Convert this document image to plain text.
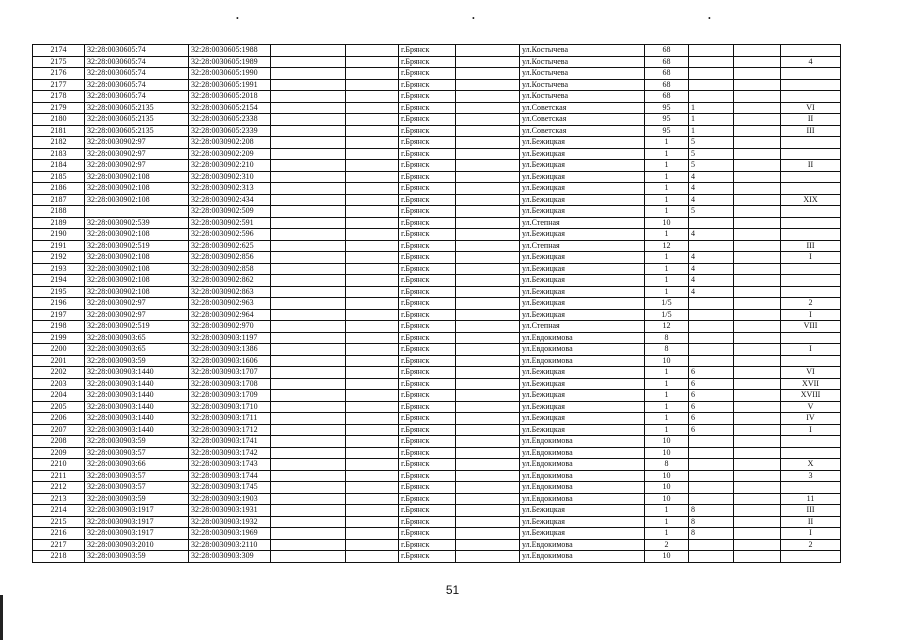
•	•	•
2174	32:28:0030605:74	32:28:0030605:1988			г.Брянск		ул.Костычева	68			
2175	32:28:0030605:74	32:28:0030605:1989			г.Брянск		ул.Костычева	68			4
2176	32:28:0030605:74	32:28:0030605:1990			г.Брянск		ул.Костычева	68			
2177	32:28:0030605:74	32:28:0030605:1991			г.Брянск		ул.Костычева	68			
2178	32:28:0030605:74	32:28:0030605:2018			г.Брянск		ул.Костычева	68			
2179	32:28:0030605:2135	32:28:0030605:2154			г.Брянск		ул.Советская	95	1		VI
2180	32:28:0030605:2135	32:28:0030605:2338			г.Брянск		ул.Советская	95	1		II
2181	32:28:0030605:2135	32:28:0030605:2339			г.Брянск		ул.Советская	95	1		III
2182	32:28:0030902:97	32:28:0030902:208			г.Брянск		ул.Бежицкая	1	5		
2183	32:28:0030902:97	32:28:0030902:209			г.Брянск		ул.Бежицкая	1	5		
2184	32:28:0030902:97	32:28:0030902:210			г.Брянск		ул.Бежицкая	1	5		II
2185	32:28:0030902:108	32:28:0030902:310			г.Брянск		ул.Бежицкая	1	4		
2186	32:28:0030902:108	32:28:0030902:313			г.Брянск		ул.Бежицкая	1	4		
2187	32:28:0030902:108	32:28:0030902:434			г.Брянск		ул.Бежицкая	1	4		XIX
2188		32:28:0030902:509			г.Брянск		ул.Бежицкая	1	5		
2189	32:28:0030902:539	32:28:0030902:591			г.Брянск		ул.Степная	10			
2190	32:28:0030902:108	32:28:0030902:596			г.Брянск		ул.Бежицкая	1	4		
2191	32:28:0030902:519	32:28:0030902:625			г.Брянск		ул.Степная	12			III
2192	32:28:0030902:108	32:28:0030902:856			г.Брянск		ул.Бежицкая	1	4		I
2193	32:28:0030902:108	32:28:0030902:858			г.Брянск		ул.Бежицкая	1	4		
2194	32:28:0030902:108	32:28:0030902:862			г.Брянск		ул.Бежицкая	1	4		
2195	32:28:0030902:108	32:28:0030902:863			г.Брянск		ул.Бежицкая	1	4		
2196	32:28:0030902:97	32:28:0030902:963			г.Брянск		ул.Бежицкая	1/5			2
2197	32:28:0030902:97	32:28:0030902:964			г.Брянск		ул.Бежицкая	1/5			I
2198	32:28:0030902:519	32:28:0030902:970			г.Брянск		ул.Степная	12			VIII
2199	32:28:0030903:65	32:28:0030903:1197			г.Брянск		ул.Евдокимова	8			
2200	32:28:0030903:65	32:28:0030903:1386			г.Брянск		ул.Евдокимова	8			I
2201	32:28:0030903:59	32:28:0030903:1606			г.Брянск		ул.Евдокимова	10			
2202	32:28:0030903:1440	32:28:0030903:1707			г.Брянск		ул.Бежицкая	1	6		VI
2203	32:28:0030903:1440	32:28:0030903:1708			г.Брянск		ул.Бежицкая	1	6		XVII
2204	32:28:0030903:1440	32:28:0030903:1709			г.Брянск		ул.Бежицкая	1	6		XVIII
2205	32:28:0030903:1440	32:28:0030903:1710			г.Брянск		ул.Бежицкая	1	6		V
2206	32:28:0030903:1440	32:28:0030903:1711			г.Брянск		ул.Бежицкая	1	6		IV
2207	32:28:0030903:1440	32:28:0030903:1712			г.Брянск		ул.Бежицкая	1	6		I
2208	32:28:0030903:59	32:28:0030903:1741			г.Брянск		ул.Евдокимова	10			
2209	32:28:0030903:57	32:28:0030903:1742			г.Брянск		ул.Евдокимова	10			
2210	32:28:0030903:66	32:28:0030903:1743			г.Брянск		ул.Евдокимова	8			X
2211	32:28:0030903:57	32:28:0030903:1744			г.Брянск		ул.Евдокимова	10			3
2212	32:28:0030903:57	32:28:0030903:1745			г.Брянск		ул.Евдокимова	10			
2213	32:28:0030903:59	32:28:0030903:1903			г.Брянск		ул.Евдокимова	10			11
2214	32:28:0030903:1917	32:28:0030903:1931			г.Брянск		ул.Бежицкая	1	8		III
2215	32:28:0030903:1917	32:28:0030903:1932			г.Брянск		ул.Бежицкая	1	8		II
2216	32:28:0030903:1917	32:28:0030903:1969			г.Брянск		ул.Бежицкая	1	8		I
2217	32:28:0030903:2010	32:28:0030903:2110			г.Брянск		ул.Евдокимова	2			2
2218	32:28:0030903:59	32:28:0030903:309			г.Брянск		ул.Евдокимова	10			
51
